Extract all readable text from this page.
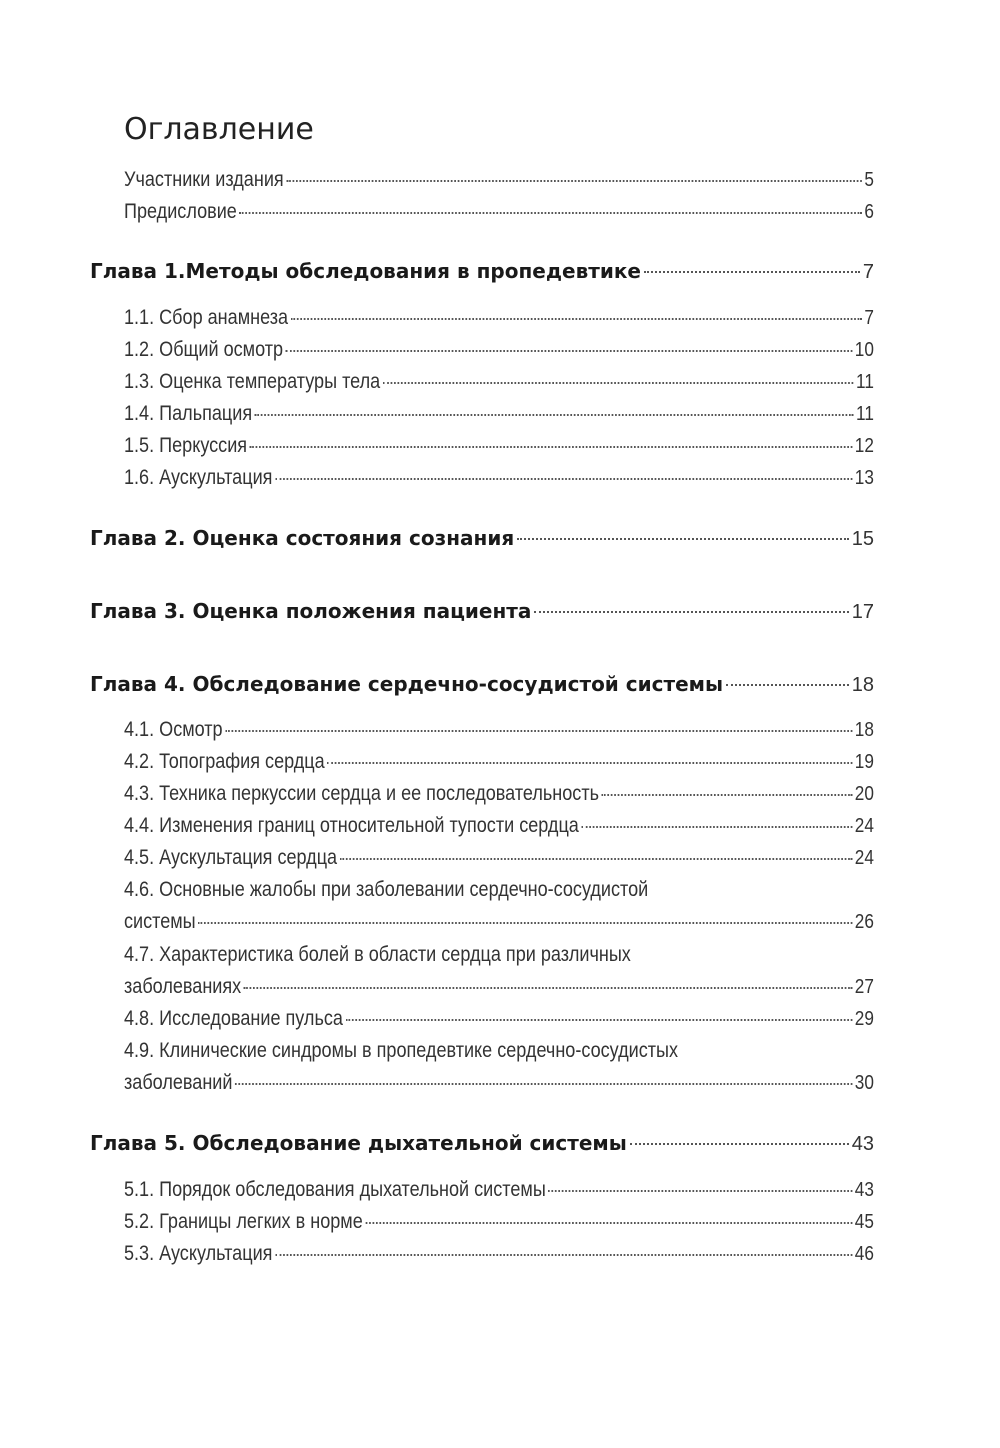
Оглавление
Участники издания	5
Предисловие	6
Глава 1.Методы обследования в пропедевтике	7
1.1. Сбор анамнеза	7
1.2. Общий осмотр	10
1.3. Оценка температуры тела	11
1.4. Пальпация	11
1.5. Перкуссия	12
1.6. Аускультация	13
Глава 2. Оценка состояния сознания	15
Глава 3. Оценка положения пациента	17
Глава 4. Обследование сердечно-сосудистой системы	18
4.1. Осмотр	18
4.2. Топография сердца	19
4.3. Техника перкуссии сердца и ее последовательность	20
4.4. Изменения границ относительной тупости сердца	24
4.5. Аускультация сердца	24
4.6. Основные жалобы при заболевании сердечно-сосудистой
системы	26
4.7. Характеристика болей в области сердца при различных
заболеваниях	27
4.8. Исследование пульса	29
4.9. Клинические синдромы в пропедевтике сердечно-сосудистых
заболеваний	30
Глава 5. Обследование дыхательной системы	43
5.1. Порядок обследования дыхательной системы	43
5.2. Границы легких в норме	45
5.3. Аускультация	46
